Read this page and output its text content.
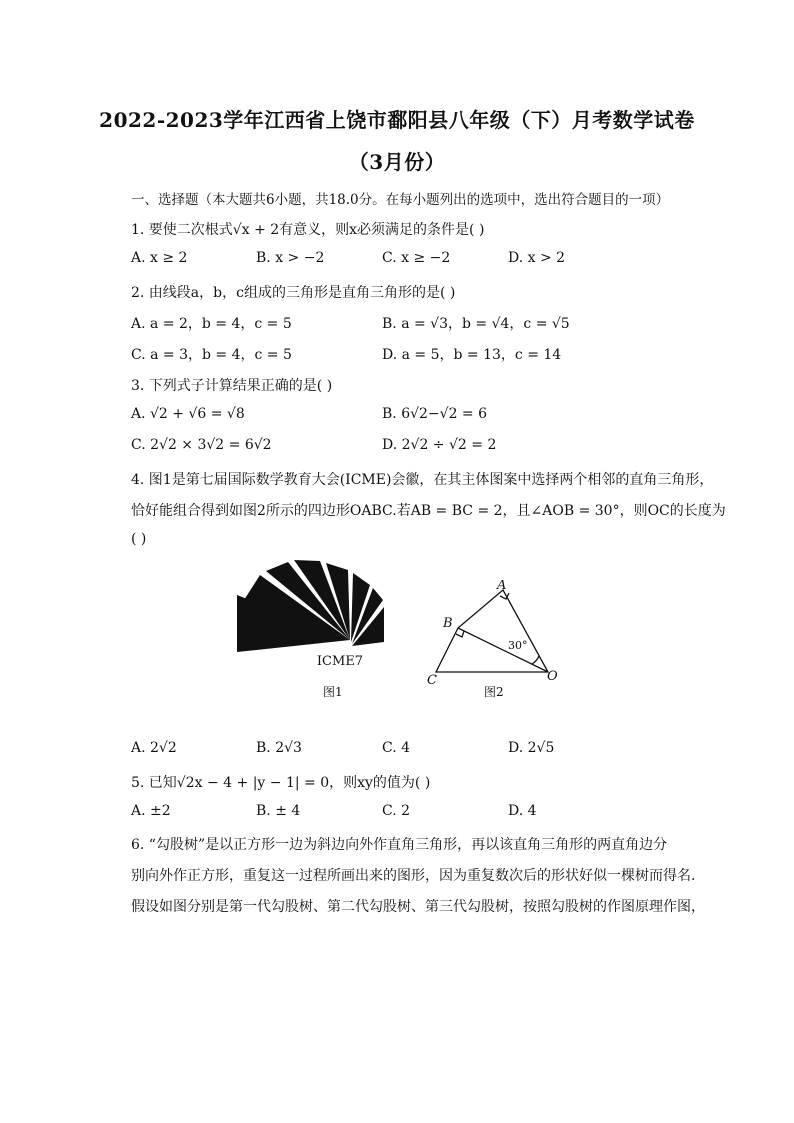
2022-2023学年江西省上饶市鄱阳县八年级（下）月考数学试卷
（3月份）
一、选择题（本大题共6小题，共18.0分。在每小题列出的选项中，选出符合题目的一项）
1. 要使二次根式√x + 2有意义，则x必须满足的条件是( )
A. x ≥ 2	B. x > −2	C. x ≥ −2	D. x > 2
2. 由线段a，b，c组成的三角形是直角三角形的是( )
A. a = 2，b = 4，c = 5	B. a = √3，b = √4，c = √5
C. a = 3，b = 4，c = 5	D. a = 5，b = 13，c = 14
3. 下列式子计算结果正确的是( )
A. √2 + √6 = √8	B. 6√2−√2 = 6
C. 2√2 × 3√2 = 6√2	D. 2√2 ÷ √2 = 2
4. 图1是第七届国际数学教育大会(ICME)会徽，在其主体图案中选择两个相邻的直角三角形，
恰好能组合得到如图2所示的四边形OABC.若AB = BC = 2，且∠AOB = 30°，则OC的长度为
( )
ICME7
图1
A
B
C	O
30°
图2
A. 2√2	B. 2√3	C. 4	D. 2√5
5. 已知√2x − 4 + |y − 1| = 0，则xy的值为( )
A. ±2	B. ± 4	C. 2	D. 4
6. “勾股树”是以正方形一边为斜边向外作直角三角形，再以该直角三角形的两直角边分
别向外作正方形，重复这一过程所画出来的图形，因为重复数次后的形状好似一棵树而得名.
假设如图分别是第一代勾股树、第二代勾股树、第三代勾股树，按照勾股树的作图原理作图，
